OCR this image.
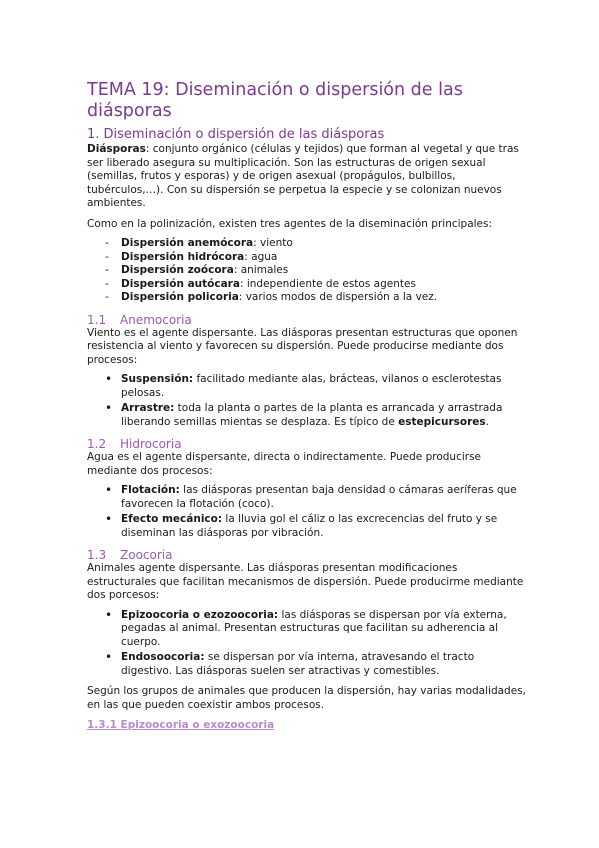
TEMA 19: Diseminación o dispersión de las diásporas
1. Diseminación o dispersión de las diásporas

Diásporas: conjunto orgánico (células y tejidos) que forman al vegetal y que tras ser liberado asegura su multiplicación. Son las estructuras de origen sexual (semillas, frutos y esporas) y de origen asexual (propágulos, bulbillos, tubérculos,…). Con su dispersión se perpetua la especie y se colonizan nuevos ambientes.

Como en la polinización, existen tres agentes de la diseminación principales:

- Dispersión anemócora: viento
- Dispersión hidrócora: agua
- Dispersión zoócora: animales
- Dispersión autócara: independiente de estos agentes
- Dispersión policoria: varios modos de dispersión a la vez.
1.1 Anemocoria

Viento es el agente dispersante. Las diásporas presentan estructuras que oponen resistencia al viento y favorecen su dispersión. Puede producirse mediante dos procesos:

• Suspensión: facilitado mediante alas, brácteas, vilanos o esclerotestas pelosas.
• Arrastre: toda la planta o partes de la planta es arrancada y arrastrada liberando semillas mientas se desplaza. Es típico de estepicursores.
1.2 Hidrocoria

Agua es el agente dispersante, directa o indirectamente. Puede producirse mediante dos procesos:

• Flotación: las diásporas presentan baja densidad o cámaras aeríferas que favorecen la flotación (coco).
• Efecto mecánico: la lluvia gol el cáliz o las excrecencias del fruto y se diseminan las diásporas por vibración.
1.3 Zoocoria

Animales agente dispersante. Las diásporas presentan modificaciones estructurales que facilitan mecanismos de dispersión. Puede producirme mediante dos porcesos:

• Epizoocoria o ezozoocoria: las diásporas se dispersan por vía externa, pegadas al animal. Presentan estructuras que facilitan su adherencia al cuerpo.
• Endosoocoria: se dispersan por vía interna, atravesando el tracto digestivo. Las diásporas suelen ser atractivas y comestibles.

Según los grupos de animales que producen la dispersión, hay varias modalidades, en las que pueden coexistir ambos procesos.

1.3.1 Epizoocoria o exozoocoria
